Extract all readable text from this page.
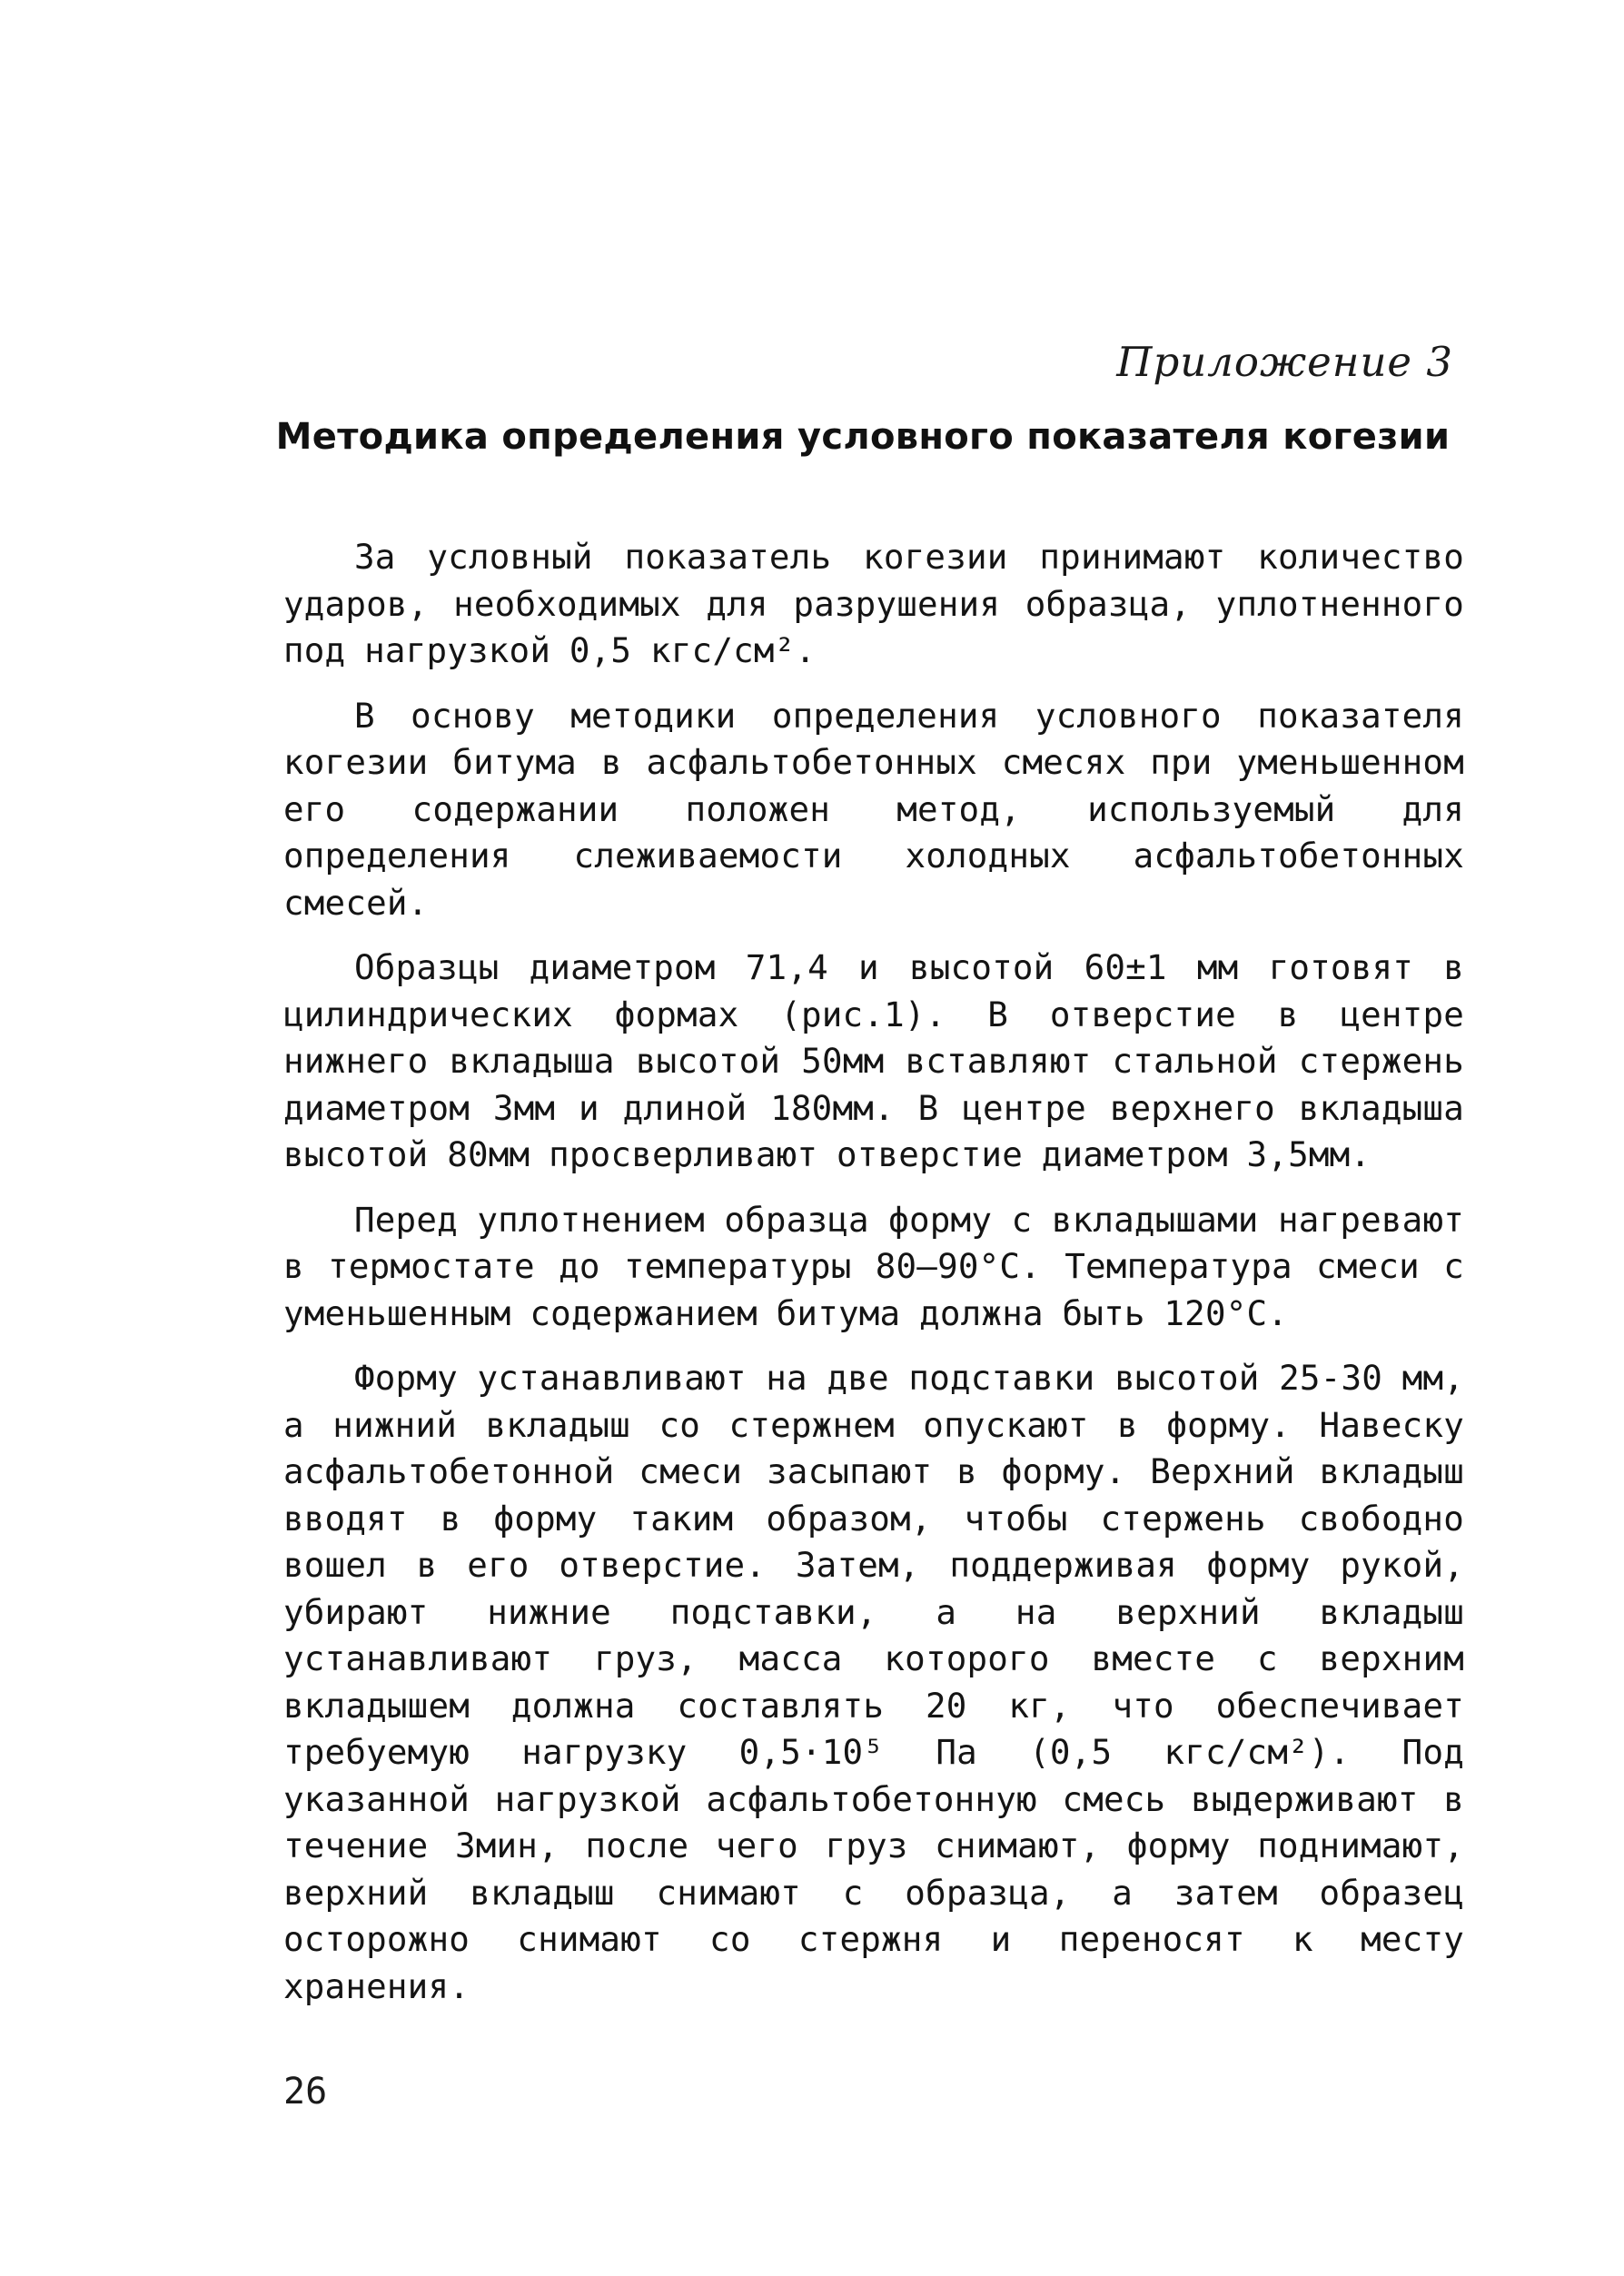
Приложение 3
Методика определения условного показателя когезии

За условный показатель когезии принимают количество ударов, необходимых для разрушения образца, уплотненного под нагрузкой 0,5 кгс/см².

В основу методики определения условного показателя когезии битума в асфальтобетонных смесях при уменьшенном его содержании положен метод, используемый для определения слеживаемости холодных асфальтобетонных смесей.

Образцы диаметром 71,4 и высотой 60±1 мм готовят в цилиндрических формах (рис.1). В отверстие в центре нижнего вкладыша высотой 50мм вставляют стальной стержень диаметром 3мм и длиной 180мм. В центре верхнего вкладыша высотой 80мм просверливают отверстие диаметром 3,5мм.

Перед уплотнением образца форму с вкладышами нагревают в термостате до температуры 80–90°С. Температура смеси с уменьшенным содержанием битума должна быть 120°С.

Форму устанавливают на две подставки высотой 25-30 мм, а нижний вкладыш со стержнем опускают в форму. Навеску асфальтобетонной смеси засыпают в форму. Верхний вкладыш вводят в форму таким образом, чтобы стержень свободно вошел в его отверстие. Затем, поддерживая форму рукой, убирают нижние подставки, а на верхний вкладыш устанавливают груз, масса которого вместе с верхним вкладышем должна составлять 20 кг, что обеспечивает требуемую нагрузку 0,5·10⁵ Па (0,5 кгс/см²). Под указанной нагрузкой асфальтобетонную смесь выдерживают в течение 3мин, после чего груз снимают, форму поднимают, верхний вкладыш снимают с образца, а затем образец осторожно снимают со стержня и переносят к месту хранения.

26
